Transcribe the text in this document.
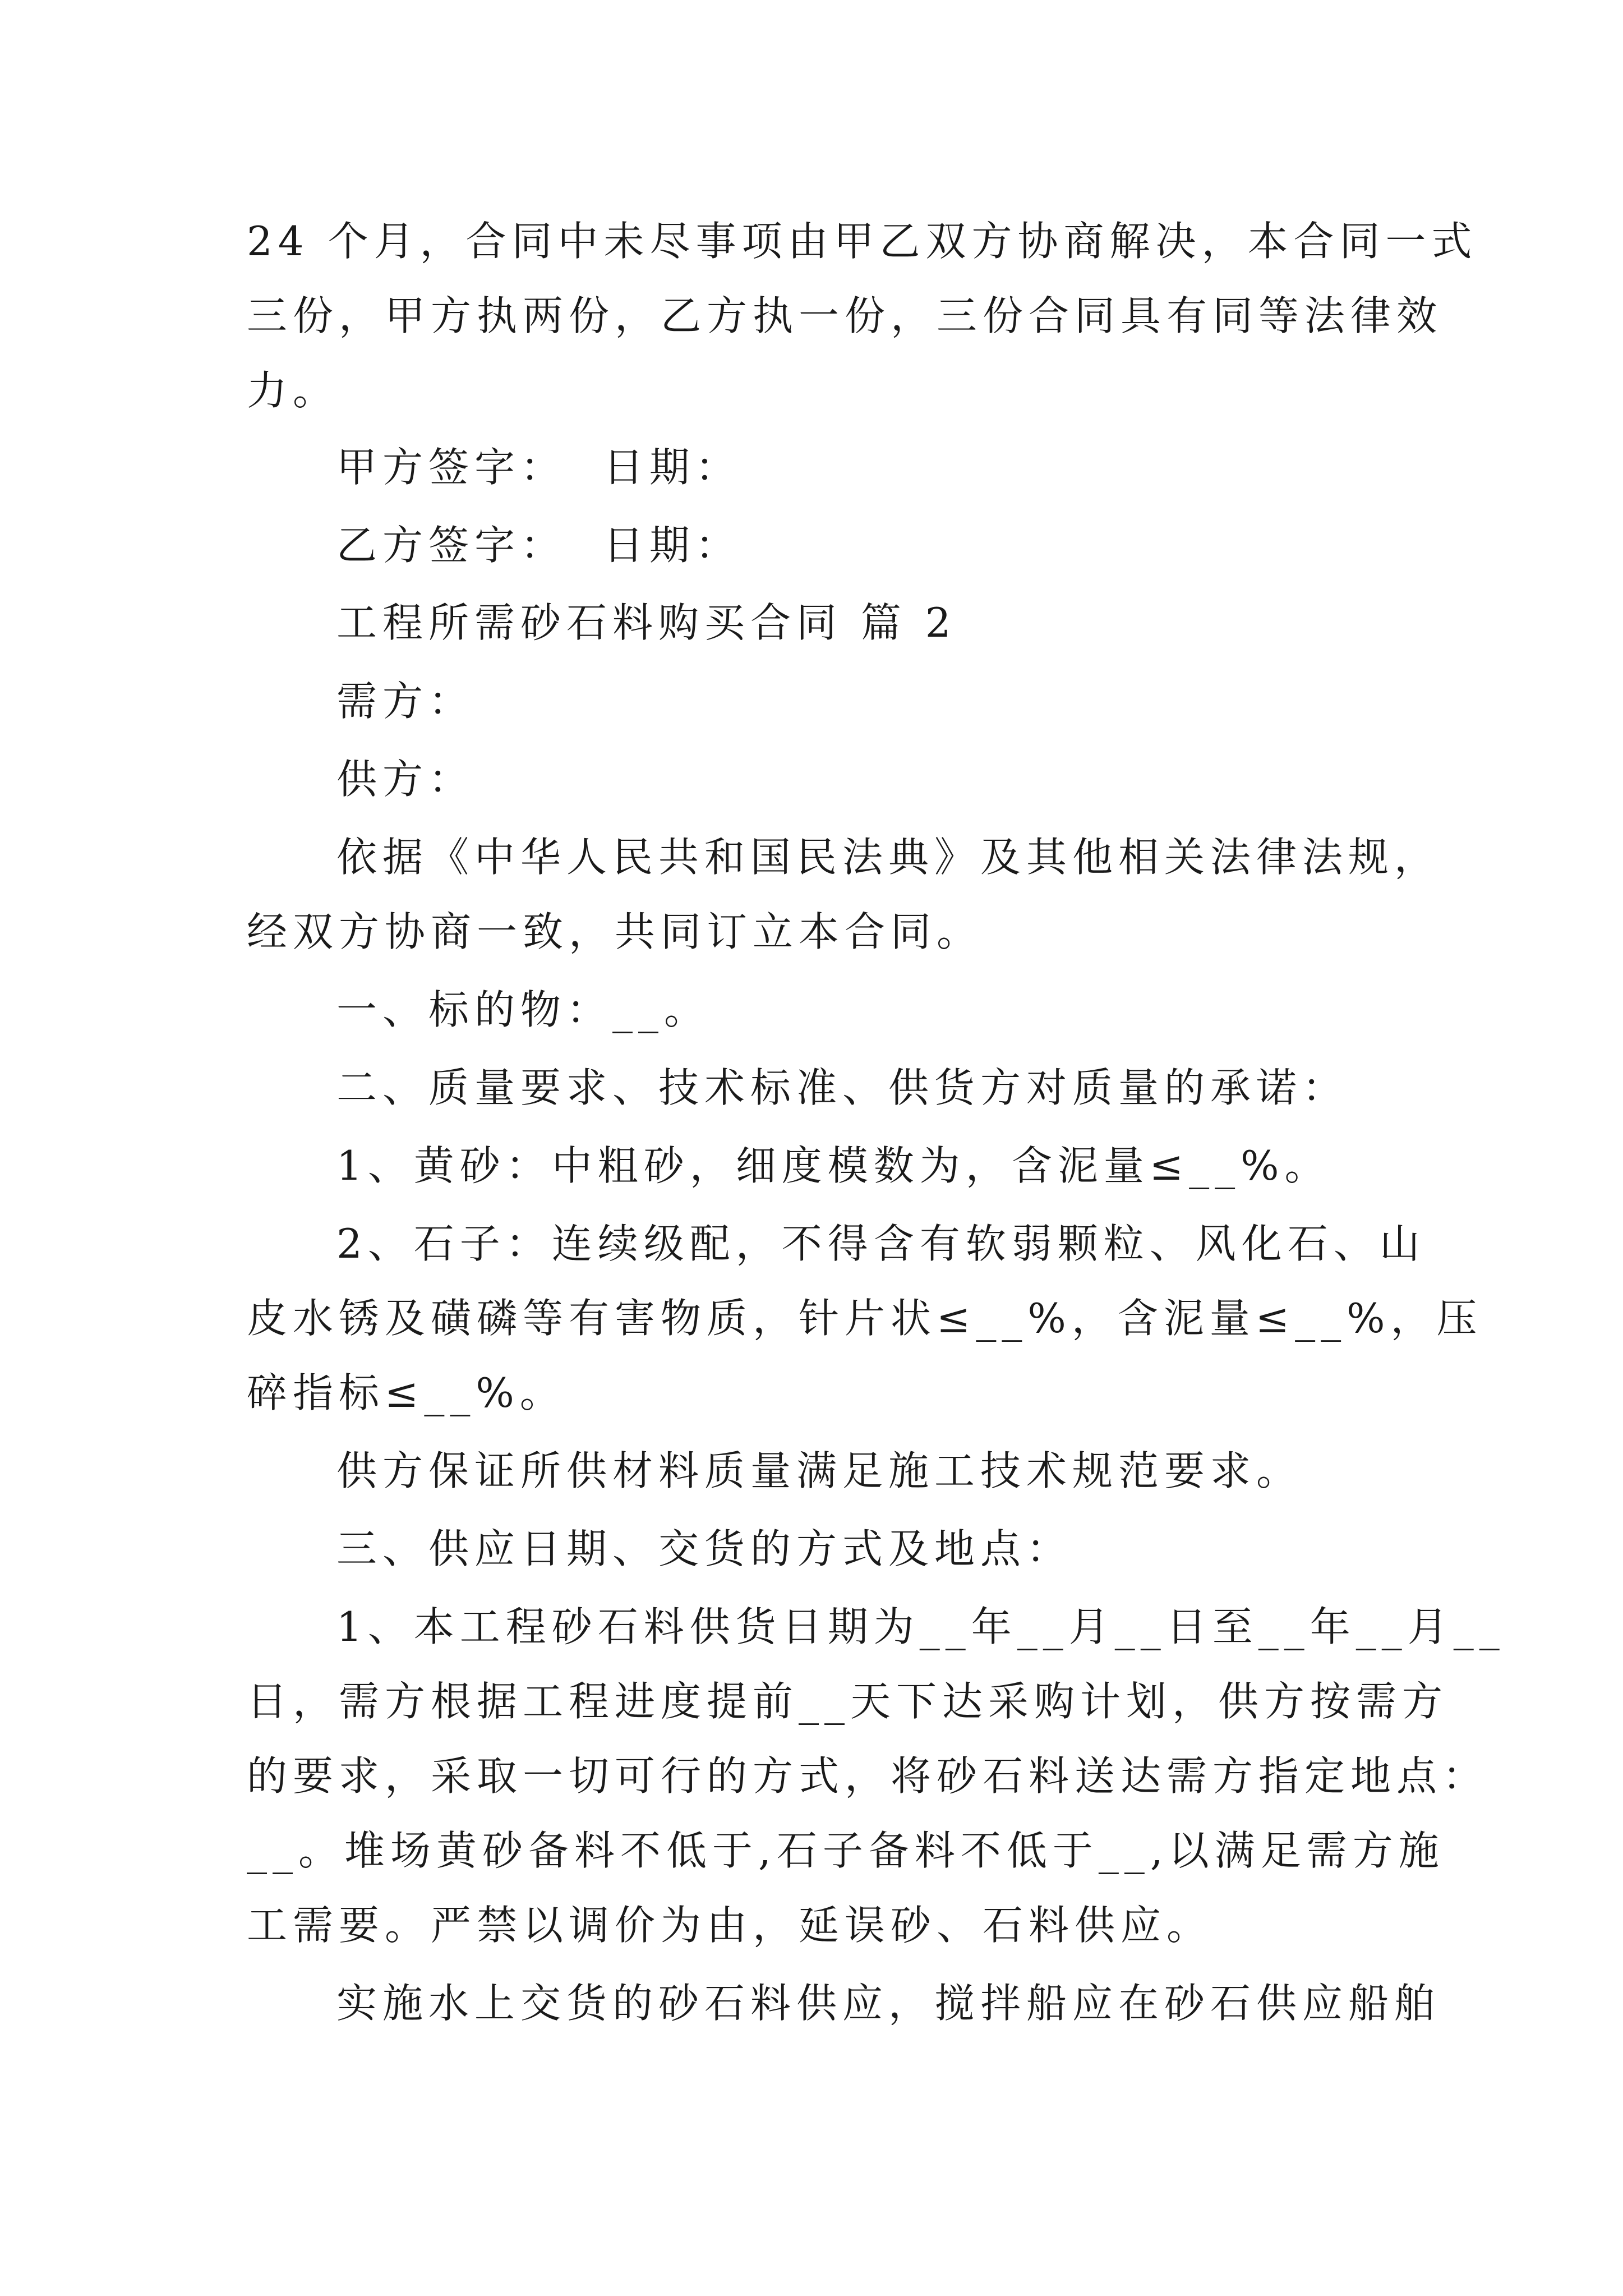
24 个月，合同中未尽事项由甲乙双方协商解决，本合同一式

三份，甲方执两份，乙方执一份，三份合同具有同等法律效

力。

甲方签字：  日期：

乙方签字：  日期：

工程所需砂石料购买合同 篇 2

需方：

供方：

依据《中华人民共和国民法典》及其他相关法律法规，

经双方协商一致，共同订立本合同。

一、标的物：__。

二、质量要求、技术标准、供货方对质量的承诺：

1、黄砂：中粗砂，细度模数为，含泥量≤__%。

2、石子：连续级配，不得含有软弱颗粒、风化石、山

皮水锈及磺磷等有害物质，针片状≤__%，含泥量≤__%，压

碎指标≤__%。

供方保证所供材料质量满足施工技术规范要求。

三、供应日期、交货的方式及地点：

1、本工程砂石料供货日期为__年__月__日至__年__月__

日，需方根据工程进度提前__天下达采购计划，供方按需方

的要求，采取一切可行的方式，将砂石料送达需方指定地点：

__。堆场黄砂备料不低于,石子备料不低于__,以满足需方施

工需要。严禁以调价为由，延误砂、石料供应。

实施水上交货的砂石料供应，搅拌船应在砂石供应船舶
